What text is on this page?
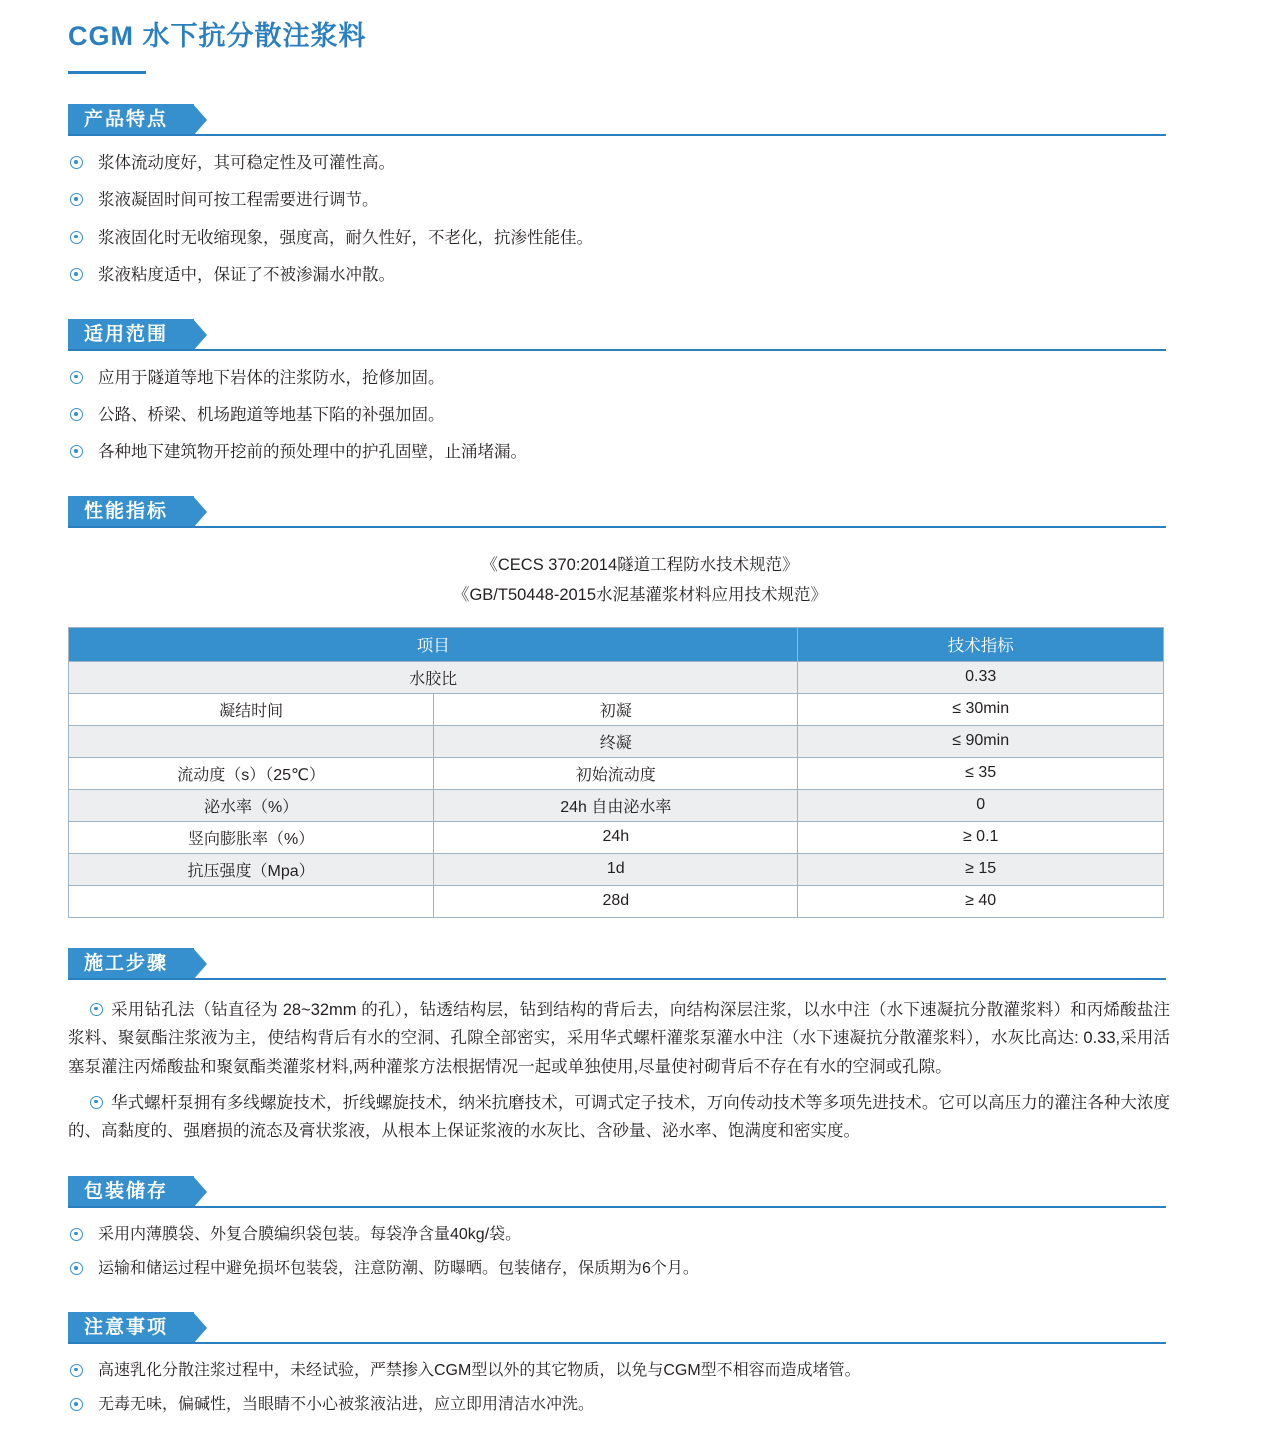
CGM 水下抗分散注浆料
产品特点
浆体流动度好，其可稳定性及可灌性高。
浆液凝固时间可按工程需要进行调节。
浆液固化时无收缩现象，强度高，耐久性好，不老化，抗渗性能佳。
浆液粘度适中，保证了不被渗漏水冲散。
适用范围
应用于隧道等地下岩体的注浆防水，抢修加固。
公路、桥梁、机场跑道等地基下陷的补强加固。
各种地下建筑物开挖前的预处理中的护孔固壁，止涌堵漏。
性能指标
《CECS 370:2014隧道工程防水技术规范》
《GB/T50448-2015水泥基灌浆材料应用技术规范》
项目		技术指标
水胶比		0.33
凝结时间	初凝	≤ 30min
	终凝	≤ 90min
流动度（s）（25℃）	初始流动度	≤ 35
泌水率（%）	24h 自由泌水率	0
竖向膨胀率（%）	24h	≥ 0.1
抗压强度（Mpa）	1d	≥ 15
	28d	≥ 40
施工步骤

采用钻孔法（钻直径为 28~32mm 的孔），钻透结构层，钻到结构的背后去，向结构深层注浆，以水中注（水下速凝抗分散灌浆料）和丙烯酸盐注浆料、聚氨酯注浆液为主，使结构背后有水的空洞、孔隙全部密实，采用华式螺杆灌浆泵灌水中注（水下速凝抗分散灌浆料），水灰比高达: 0.33,采用活塞泵灌注丙烯酸盐和聚氨酯类灌浆材料,两种灌浆方法根据情况一起或单独使用,尽量使衬砌背后不存在有水的空洞或孔隙。

华式螺杆泵拥有多线螺旋技术，折线螺旋技术，纳米抗磨技术，可调式定子技术，万向传动技术等多项先进技术。它可以高压力的灌注各种大浓度的、高黏度的、强磨损的流态及膏状浆液，从根本上保证浆液的水灰比、含砂量、泌水率、饱满度和密实度。

包装储存
采用内薄膜袋、外复合膜编织袋包装。每袋净含量40kg/袋。
运输和储运过程中避免损坏包装袋，注意防潮、防曝晒。包装储存，保质期为6个月。
注意事项
高速乳化分散注浆过程中，未经试验，严禁掺入CGM型以外的其它物质，以免与CGM型不相容而造成堵管。
无毒无味，偏碱性，当眼睛不小心被浆液沾进，应立即用清洁水冲洗。
